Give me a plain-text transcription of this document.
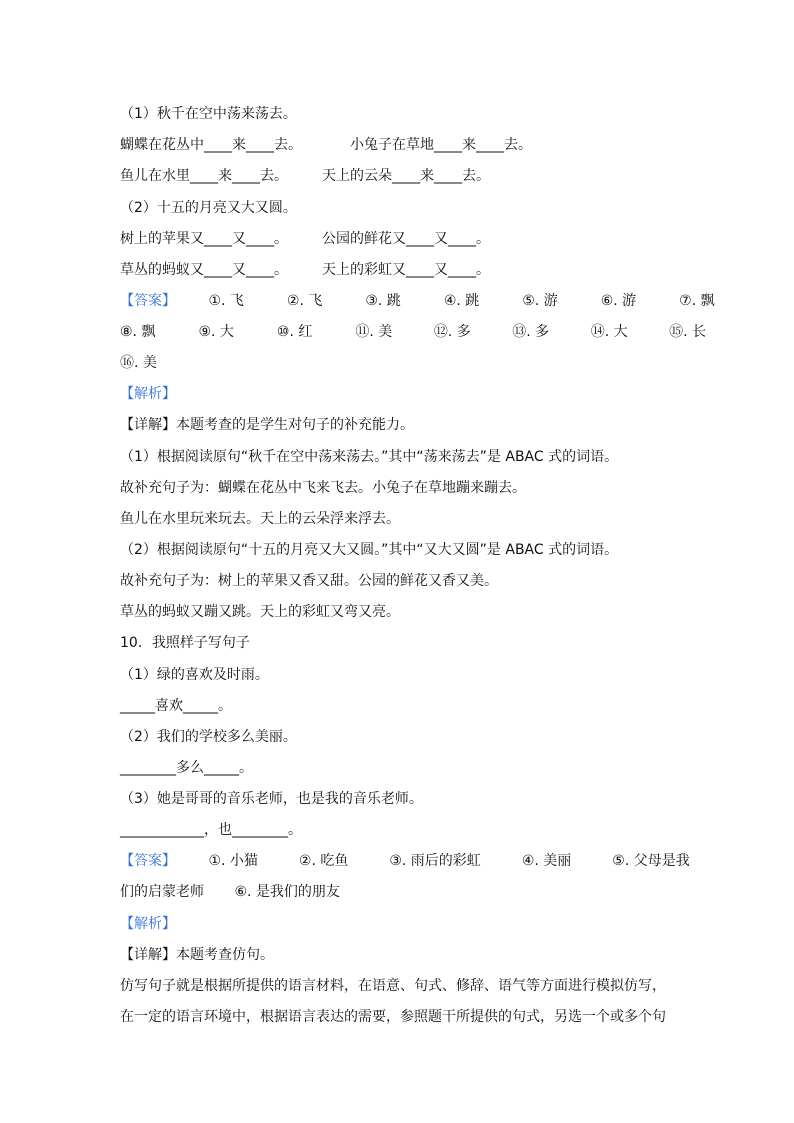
（1）秋千在空中荡来荡去。
蝴蝶在花丛中____来____去。	小兔子在草地____来____去。
鱼儿在水里____来____去。 天上的云朵____来____去。
（2）十五的月亮又大又圆。
树上的苹果又____又____。 公园的鲜花又____又____。
草丛的蚂蚁又____又____。 天上的彩虹又____又____。
【答案】 ①. 飞	②. 飞	③. 跳	④. 跳	⑤. 游	⑥. 游	⑦. 飘
⑧. 飘	⑨. 大	⑩. 红	⑪. 美	⑫. 多	⑬. 多	⑭. 大	⑮. 长
⑯. 美
【解析】
【详解】本题考查的是学生对句子的补充能力。
（1）根据阅读原句“秋千在空中荡来荡去。”其中“荡来荡去”是 ABAC 式的词语。
故补充句子为：蝴蝶在花丛中飞来飞去。小兔子在草地蹦来蹦去。
鱼儿在水里玩来玩去。天上的云朵浮来浮去。
（2）根据阅读原句“十五的月亮又大又圆。”其中“又大又圆”是 ABAC 式的词语。
故补充句子为：树上的苹果又香又甜。公园的鲜花又香又美。
草丛的蚂蚁又蹦又跳。天上的彩虹又弯又亮。
10．我照样子写句子
（1）绿的喜欢及时雨。
_____喜欢_____。
（2）我们的学校多么美丽。
________多么_____。
（3）她是哥哥的音乐老师，也是我的音乐老师。
____________，也________。
【答案】 ①. 小猫	②. 吃鱼	③. 雨后的彩虹	④. 美丽	⑤. 父母是我
们的启蒙老师 ⑥. 是我们的朋友
【解析】
【详解】本题考查仿句。
仿写句子就是根据所提供的语言材料，在语意、句式、修辞、语气等方面进行模拟仿写，
在一定的语言环境中，根据语言表达的需要，参照题干所提供的句式，另选一个或多个句
